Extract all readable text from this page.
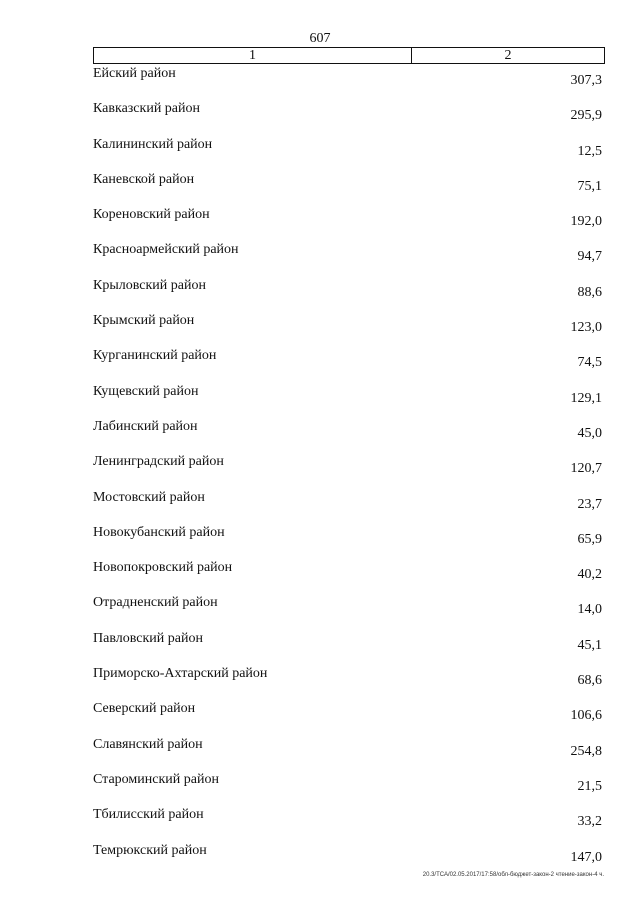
607
1	2
Ейский район	307,3
Кавказский район	295,9
Калининский район	12,5
Каневской район	75,1
Кореновский район	192,0
Красноармейский район	94,7
Крыловский район	88,6
Крымский район	123,0
Курганинский район	74,5
Кущевский район	129,1
Лабинский район	45,0
Ленинградский район	120,7
Мостовский район	23,7
Новокубанский район	65,9
Новопокровский район	40,2
Отрадненский район	14,0
Павловский район	45,1
Приморско-Ахтарский район	68,6
Северский район	106,6
Славянский район	254,8
Староминский район	21,5
Тбилисский район	33,2
Темрюкский район	147,0
20.3/ТСА/02.05.2017/17:58/обл-бюджет-закон-2 чтение-закон-4 ч.
